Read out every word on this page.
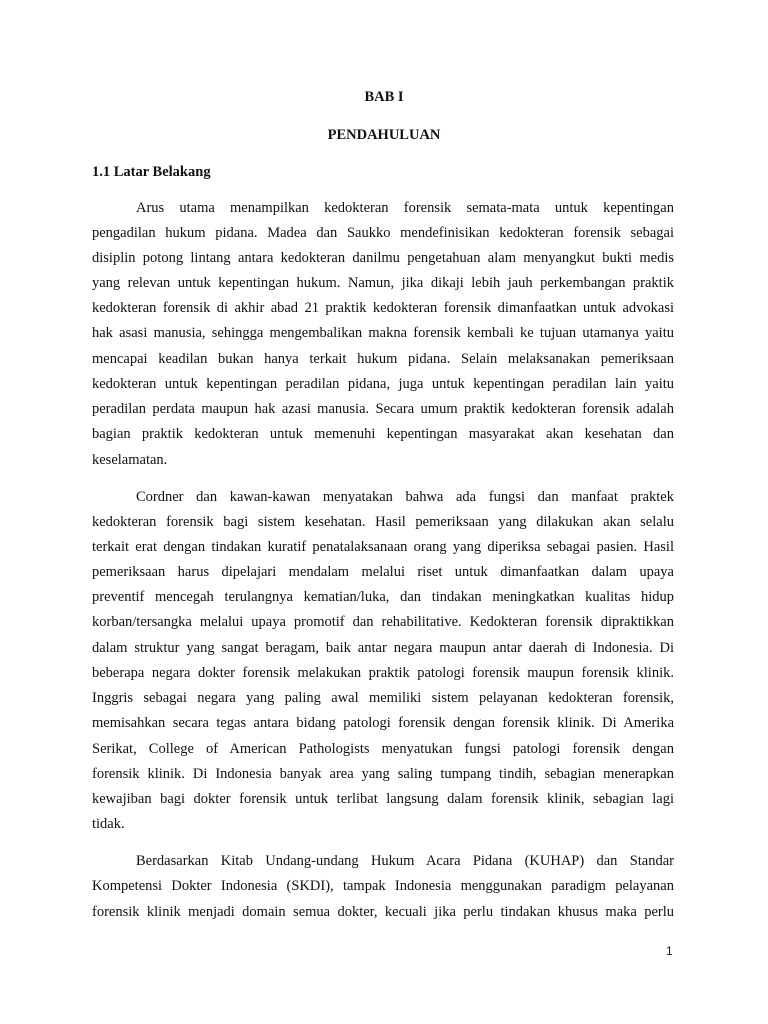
BAB I

PENDAHULUAN

1.1 Latar Belakang

Arus utama menampilkan kedokteran forensik semata-mata untuk kepentingan

pengadilan hukum pidana. Madea dan Saukko mendefinisikan kedokteran forensik sebagai

disiplin potong lintang antara kedokteran danilmu pengetahuan alam menyangkut bukti medis

yang relevan untuk kepentingan hukum. Namun, jika dikaji lebih jauh perkembangan praktik

kedokteran forensik di akhir abad 21 praktik kedokteran forensik dimanfaatkan untuk advokasi

hak asasi manusia, sehingga mengembalikan makna forensik kembali ke tujuan utamanya yaitu

mencapai keadilan bukan hanya terkait hukum pidana. Selain melaksanakan pemeriksaan

kedokteran untuk kepentingan peradilan pidana, juga untuk kepentingan peradilan lain yaitu

peradilan perdata maupun hak azasi manusia. Secara umum praktik kedokteran forensik adalah

bagian praktik kedokteran untuk memenuhi kepentingan masyarakat akan kesehatan dan

keselamatan.

Cordner dan kawan-kawan menyatakan bahwa ada fungsi dan manfaat praktek

kedokteran forensik bagi sistem kesehatan. Hasil pemeriksaan yang dilakukan akan selalu

terkait erat dengan tindakan kuratif penatalaksanaan orang yang diperiksa sebagai pasien. Hasil

pemeriksaan harus dipelajari mendalam melalui riset untuk dimanfaatkan dalam upaya

preventif mencegah terulangnya kematian/luka, dan tindakan meningkatkan kualitas hidup

korban/tersangka melalui upaya promotif dan rehabilitative. Kedokteran forensik dipraktikkan

dalam struktur yang sangat beragam, baik antar negara maupun antar daerah di Indonesia. Di

beberapa negara dokter forensik melakukan praktik patologi forensik maupun forensik klinik.

Inggris sebagai negara yang paling awal memiliki sistem pelayanan kedokteran forensik,

memisahkan secara tegas antara bidang patologi forensik dengan forensik klinik. Di Amerika

Serikat, College of American Pathologists menyatukan fungsi patologi forensik dengan

forensik klinik. Di Indonesia banyak area yang saling tumpang tindih, sebagian menerapkan

kewajiban bagi dokter forensik untuk terlibat langsung dalam forensik klinik, sebagian lagi

tidak.

Berdasarkan Kitab Undang-undang Hukum Acara Pidana (KUHAP) dan Standar

Kompetensi Dokter Indonesia (SKDI), tampak Indonesia menggunakan paradigm pelayanan

forensik klinik menjadi domain semua dokter, kecuali jika perlu tindakan khusus maka perlu

1
